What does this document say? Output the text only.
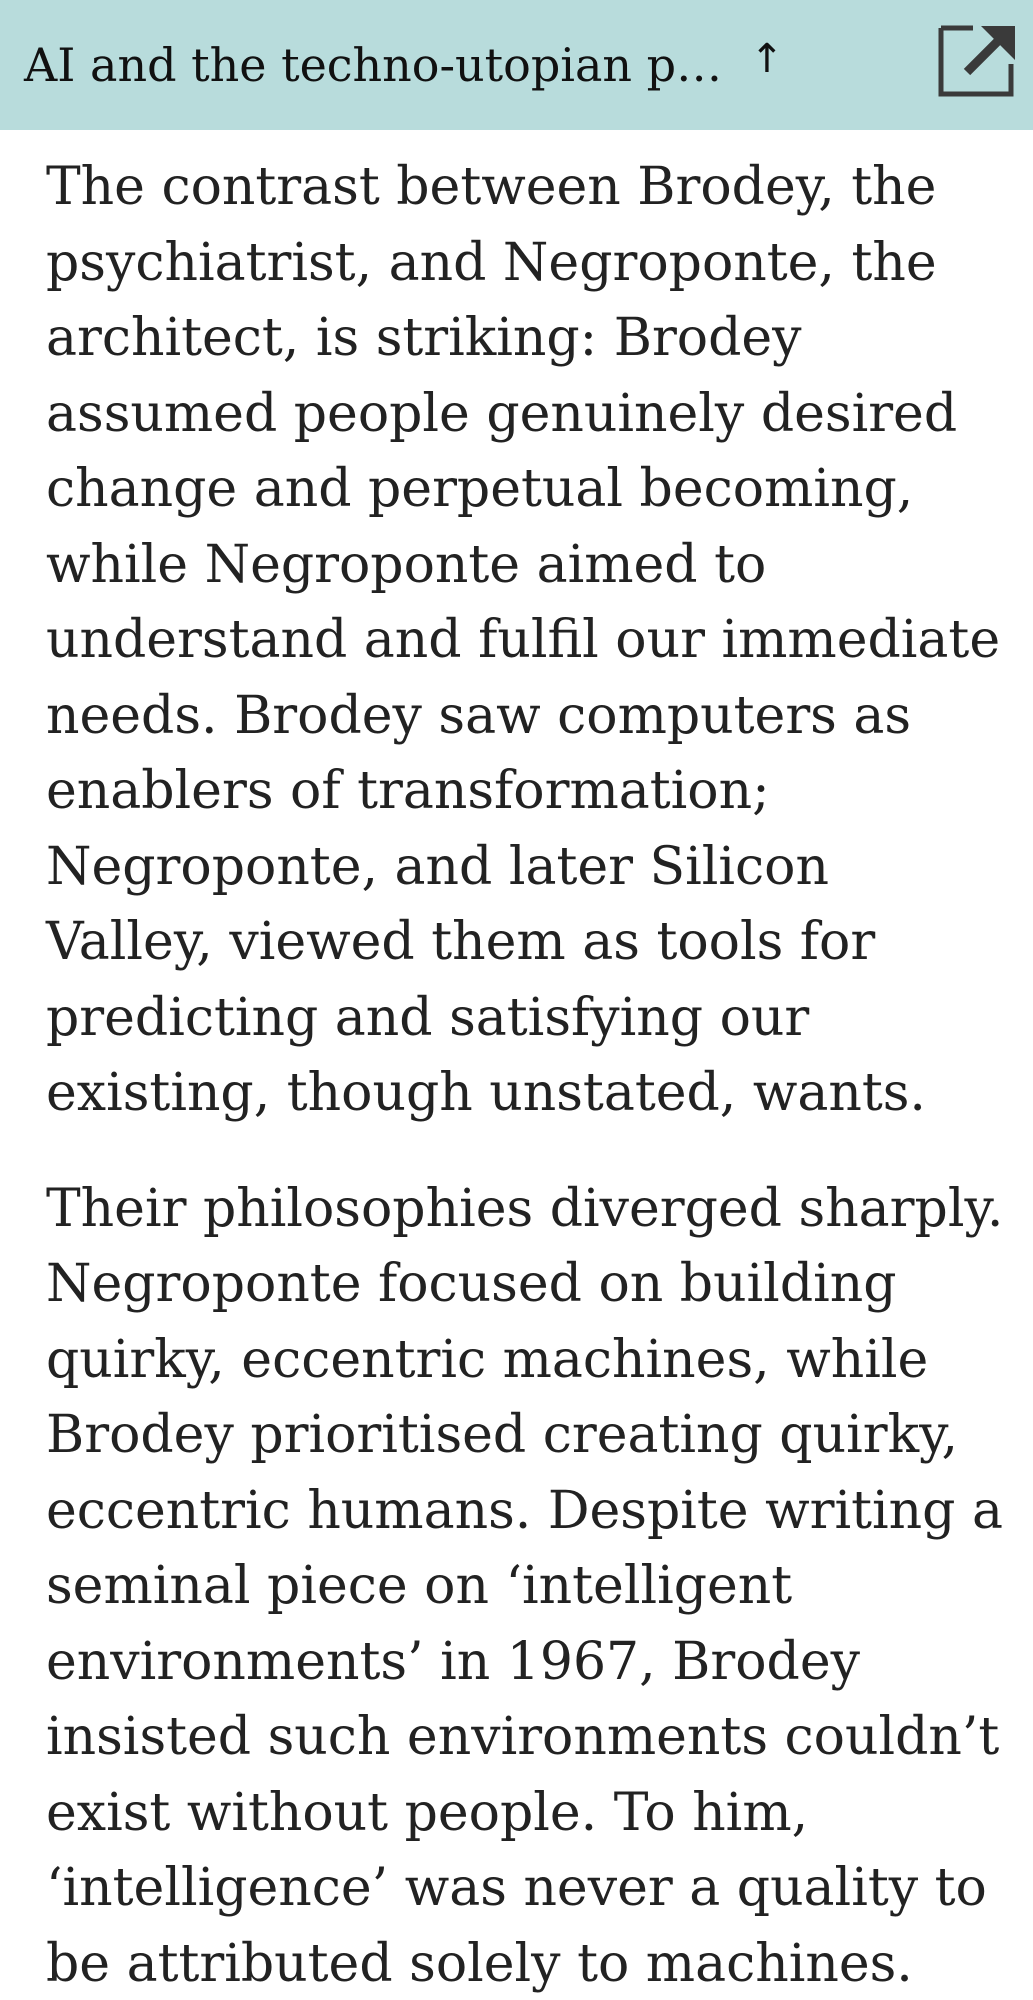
AI and the techno-utopian p… ↑

The contrast between Brodey, the psychiatrist, and Negroponte, the architect, is striking: Brodey assumed people genuinely desired change and perpetual becoming, while Negroponte aimed to understand and fulfil our immediate needs. Brodey saw computers as enablers of transformation; Negroponte, and later Silicon Valley, viewed them as tools for predicting and satisfying our existing, though unstated, wants.

Their philosophies diverged sharply. Negroponte focused on building quirky, eccentric machines, while Brodey prioritised creating quirky, eccentric humans. Despite writing a seminal piece on ‘intelligent environments’ in 1967, Brodey insisted such environments couldn’t exist without people. To him, ‘intelligence’ was never a quality to be attributed solely to machines.
